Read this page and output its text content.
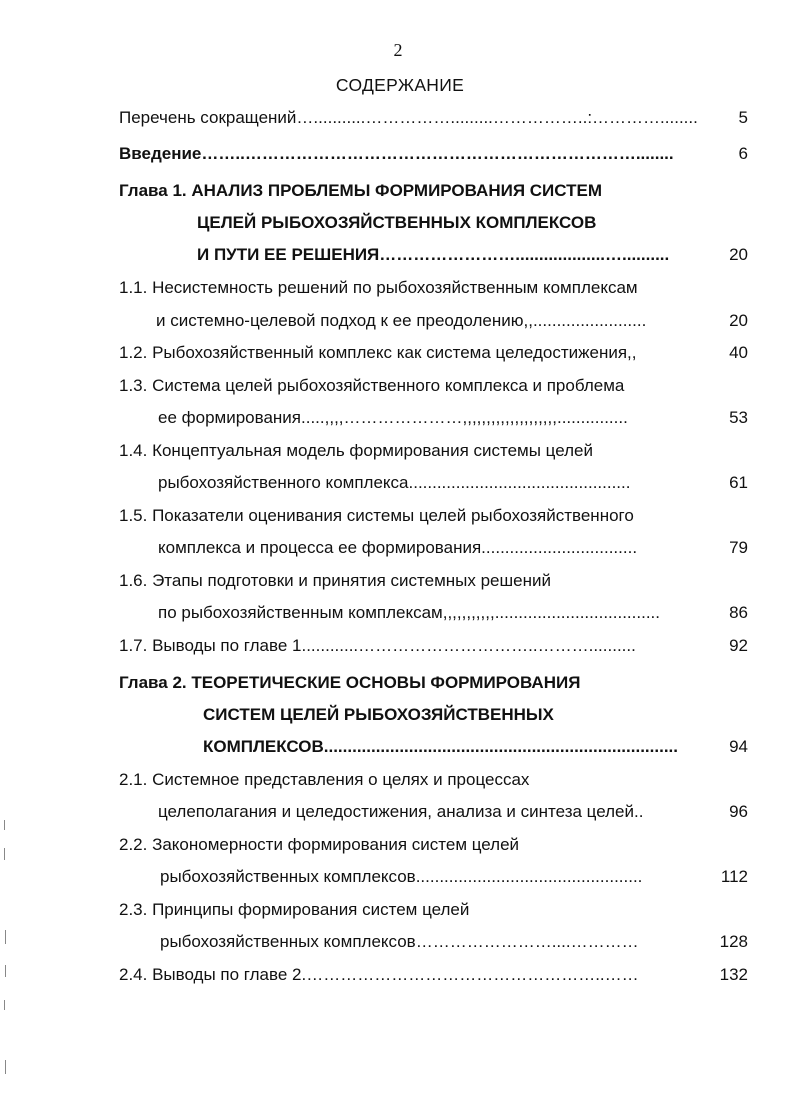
2
СОДЕРЖАНИЕ
Перечень сокращений…...........…………….........……………..:…………........ 5
Введение……..……………………………………………………………........	6
Глава 1. АНАЛИЗ ПРОБЛЕМЫ ФОРМИРОВАНИЯ СИСТЕМ
ЦЕЛЕЙ РЫБОХОЗЯЙСТВЕННЫХ КОМПЛЕКСОВ
И ПУТИ ЕЕ РЕШЕНИЯ……………………...................…..........	20
1.1. Несистемность решений по рыбохозяйственным комплексам
и системно-целевой подход к ее преодолению,,........................	20
1.2. Рыбохозяйственный комплекс как система целедостижения,,	40
1.3. Система целей рыбохозяйственного комплекса и проблема
ее формирования.....,,,,…………………,,,,,,,,,,,,,,,,,,,,...............	53
1.4. Концептуальная модель формирования системы целей
рыбохозяйственного комплекса...............................................	61
1.5. Показатели оценивания системы целей рыбохозяйственного
комплекса и процесса ее формирования.................................	79
1.6. Этапы подготовки и принятия системных решений
по рыбохозяйственным комплексам,,,,,,,,,,,...................................	86
1.7. Выводы по главе 1............…………………………..………..........	92
Глава 2. ТЕОРЕТИЧЕСКИЕ ОСНОВЫ ФОРМИРОВАНИЯ
СИСТЕМ ЦЕЛЕЙ РЫБОХОЗЯЙСТВЕННЫХ
КОМПЛЕКСОВ...........................................................................	94
2.1. Системное представления о целях и процессах
целеполагания и целедостижения, анализа и синтеза целей..	96
2.2. Закономерности формирования систем целей
рыбохозяйственных комплексов................................................	112
2.3. Принципы формирования систем целей
рыбохозяйственных комплексов……………………....…………	128
2.4. Выводы по главе 2.……………………………………………..……	132
